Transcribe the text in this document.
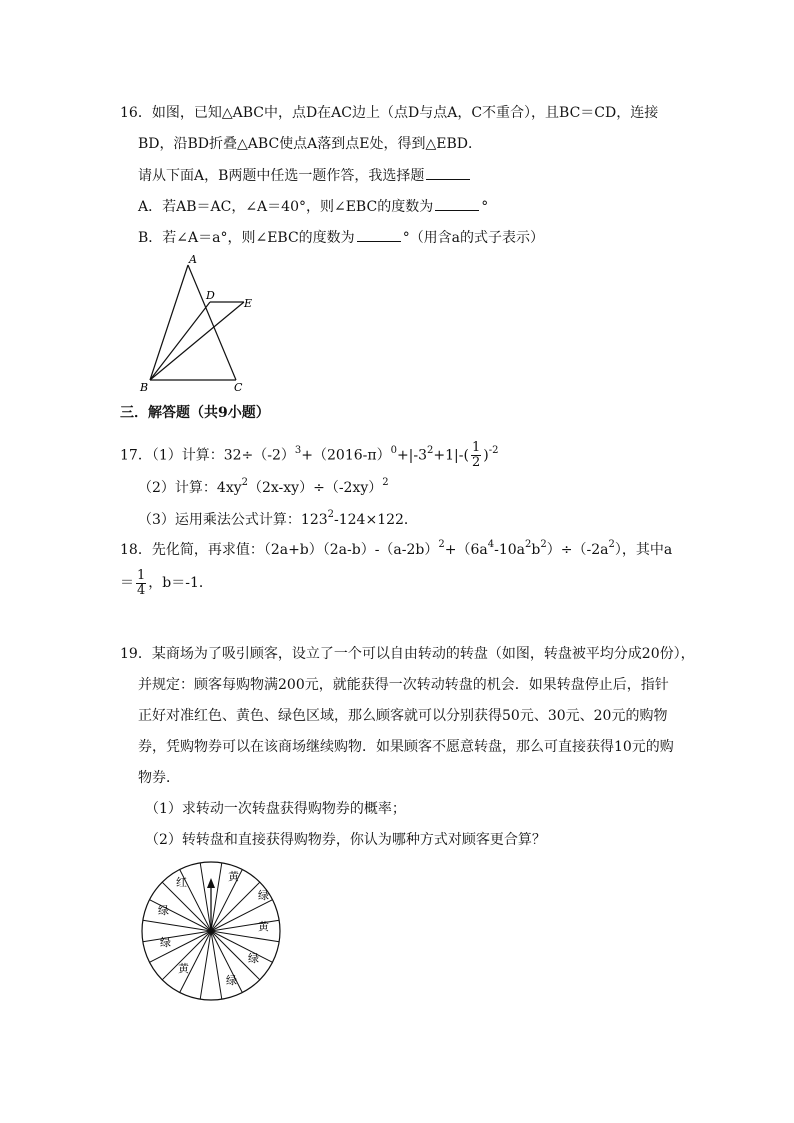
16．如图，已知△ABC中，点D在AC边上（点D与点A，C不重合），且BC＝CD，连接
BD，沿BD折叠△ABC使点A落到点E处，得到△EBD．
请从下面A，B两题中任选一题作答，我选择题
A．若AB＝AC，∠A＝40°，则∠EBC的度数为	°
B．若∠A＝a°，则∠EBC的度数为	°（用含a的式子表示）
A
D
E
B	C
三．解答题（共9小题）
17．（1）计算：$32\div(-2)^3+(2016-\pi)^0+|-3^2+1|-( \frac{1}{2} )^{-2}$
（2）计算：$4xy^2(2x-xy)\div(-2xy)^2$
（3）运用乘法公式计算：$123^2-124\times 122$．
18．先化简，再求值：$(2a+b)(2a-b)-(a-2b)^2+(6a^4-10a^2b^2)\div(-2a^2)$，其中a
＝ $\frac{1}{4}$ ，b＝-1．
19．某商场为了吸引顾客，设立了一个可以自由转动的转盘（如图，转盘被平均分成20份），
并规定：顾客每购物满200元，就能获得一次转动转盘的机会．如果转盘停止后，指针
正好对准红色、黄色、绿色区域，那么顾客就可以分别获得50元、30元、20元的购物
券，凭购物券可以在该商场继续购物．如果顾客不愿意转盘，那么可直接获得10元的购
物券．
（1）求转动一次转盘获得购物券的概率；
（2）转转盘和直接获得购物券，你认为哪种方式对顾客更合算？
红	黄
绿
绿
绿
黄
黄
绿
绿
